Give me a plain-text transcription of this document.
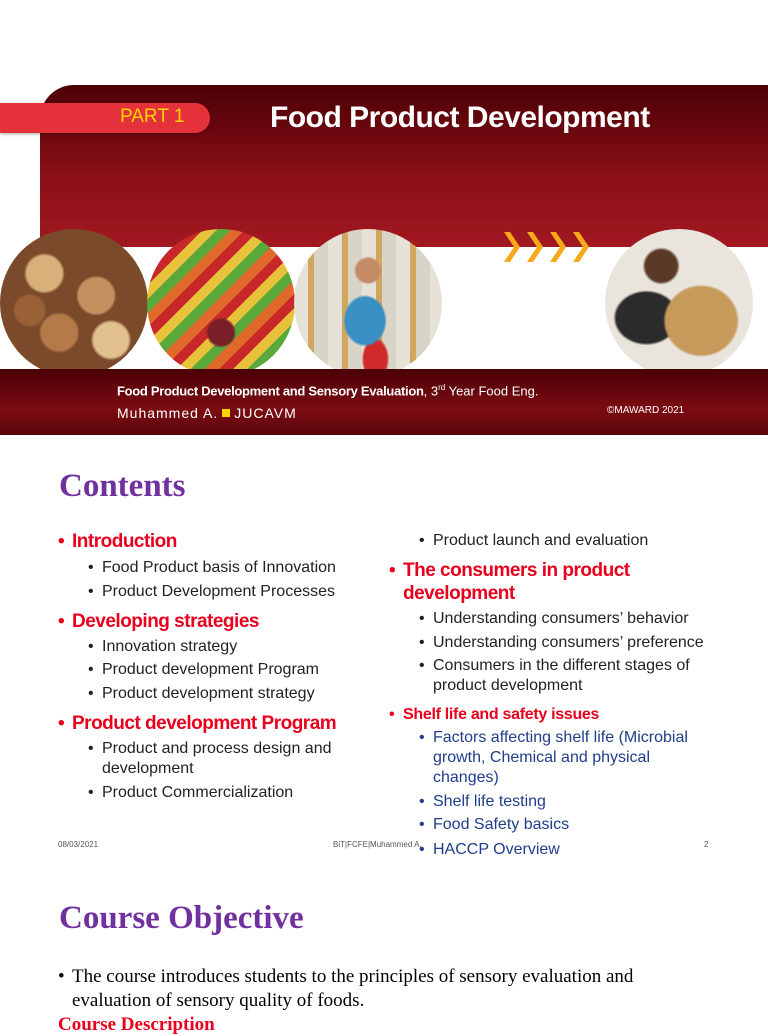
PART 1	Food Product Development
Food Product Development and Sensory Evaluation, 3rd Year Food Eng.
Muhammed A. JUCAVM	©MAWARD 2021
Contents
• Introduction
• Food Product basis of Innovation
• Product Development Processes
• Developing strategies
• Innovation strategy
• Product development Program
• Product development strategy
• Product development Program
• Product and process design and
development
• Product Commercialization
• Product launch and evaluation
• The consumers in product
development
• Understanding consumers’ behavior
• Understanding consumers’ preference
• Consumers in the different stages of
product development
• Shelf life and safety issues
• Factors affecting shelf life (Microbial
growth, Chemical and physical
changes)
• Shelf life testing
• Food Safety basics
• HACCP Overview
08/03/2021	BiT|FCFE|Muhammed A.	2
Course Objective
• The course introduces students to the principles of sensory evaluation and
evaluation of sensory quality of foods.
Course Description
